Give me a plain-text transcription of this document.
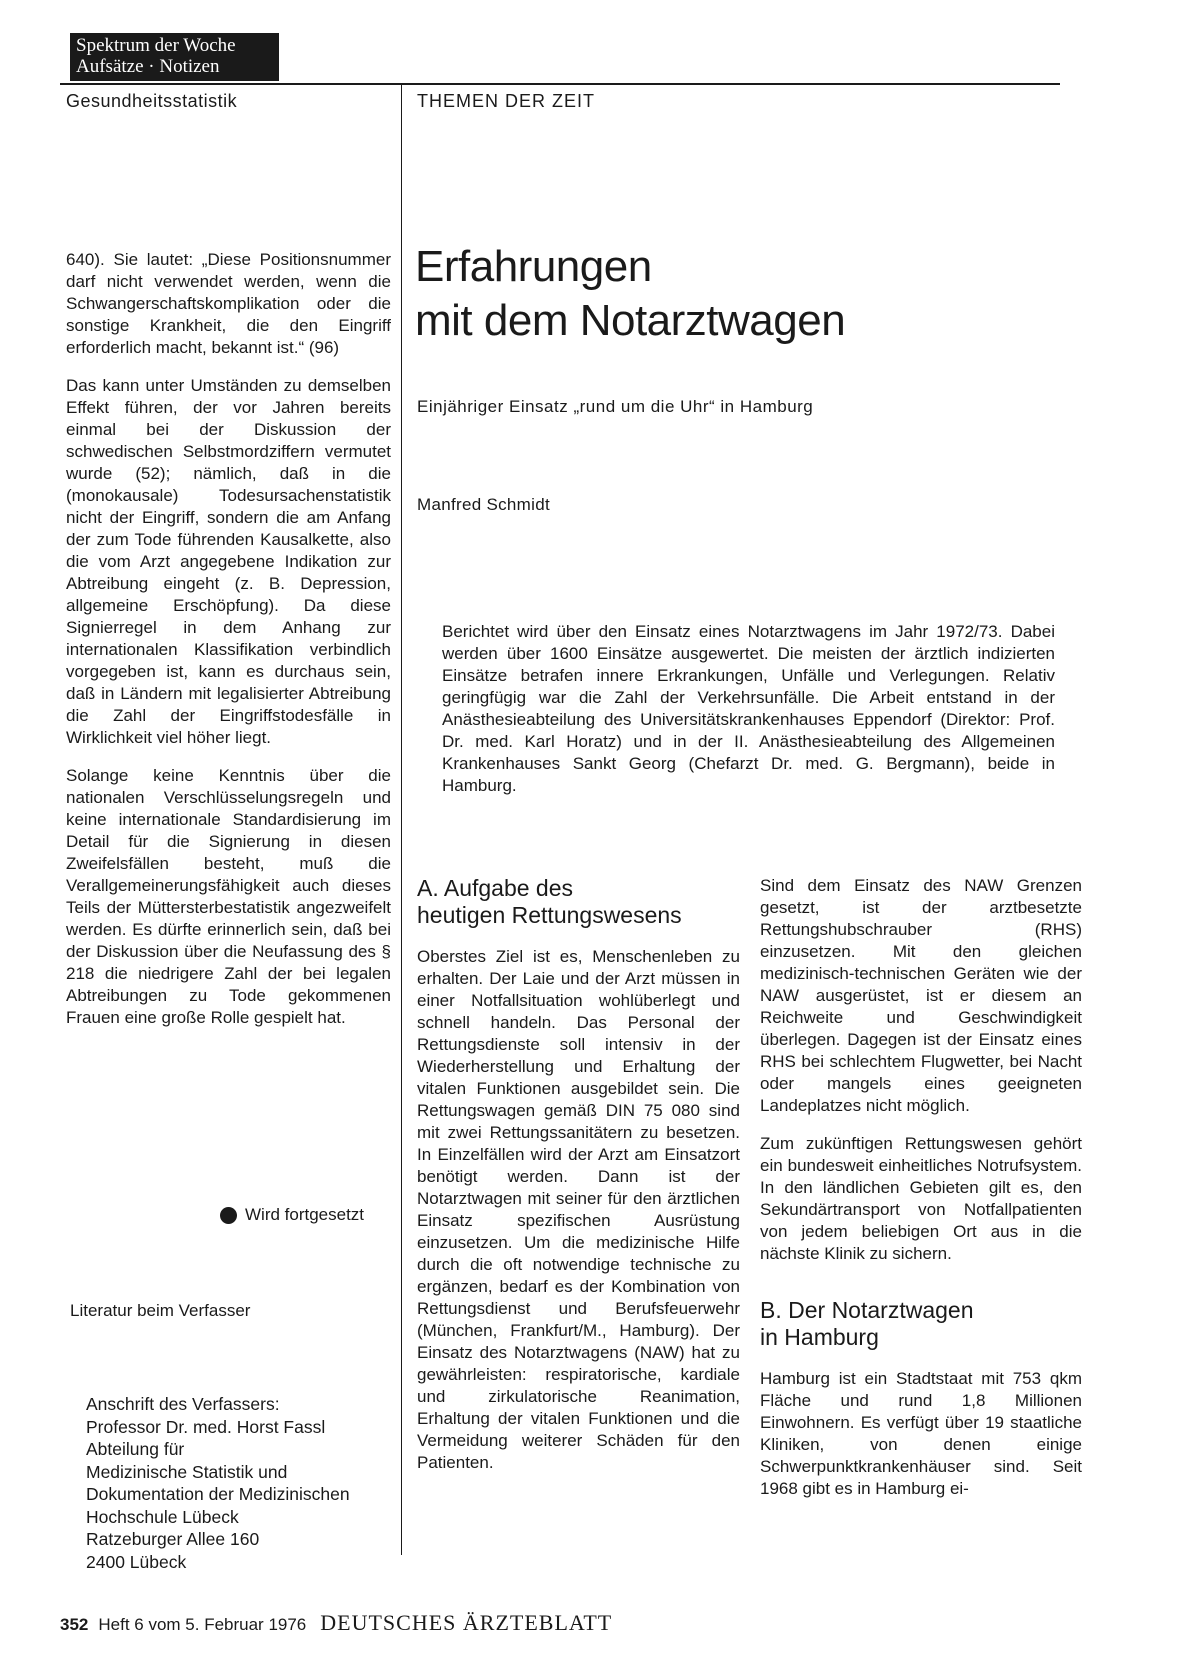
Spektrum der Woche
Aufsätze · Notizen
Gesundheitsstatistik	THEMEN DER ZEIT

640). Sie lautet: „Diese Positionsnummer darf nicht verwendet werden, wenn die Schwangerschaftskomplikation oder die sonstige Krankheit, die den Eingriff erforderlich macht, bekannt ist.“ (96)

Das kann unter Umständen zu demselben Effekt führen, der vor Jahren bereits einmal bei der Diskussion der schwedischen Selbstmordziffern vermutet wurde (52); nämlich, daß in die (monokausale) Todesursachenstatistik nicht der Eingriff, sondern die am Anfang der zum Tode führenden Kausalkette, also die vom Arzt angegebene Indikation zur Abtreibung eingeht (z. B. Depression, allgemeine Erschöpfung). Da diese Signierregel in dem Anhang zur internationalen Klassifikation verbindlich vorgegeben ist, kann es durchaus sein, daß in Ländern mit legalisierter Abtreibung die Zahl der Eingriffstodesfälle in Wirklichkeit viel höher liegt.

Solange keine Kenntnis über die nationalen Verschlüsselungsregeln und keine internationale Standardisierung im Detail für die Signierung in diesen Zweifelsfällen besteht, muß die Verallgemeinerungsfähigkeit auch dieses Teils der Müttersterbestatistik angezweifelt werden. Es dürfte erinnerlich sein, daß bei der Diskussion über die Neufassung des § 218 die niedrigere Zahl der bei legalen Abtreibungen zu Tode gekommenen Frauen eine große Rolle gespielt hat.

Wird fortgesetzt
Literatur beim Verfasser
Anschrift des Verfassers:
Professor Dr. med. Horst Fassl
Abteilung für
Medizinische Statistik und
Dokumentation der Medizinischen
Hochschule Lübeck
Ratzeburger Allee 160
2400 Lübeck
Erfahrungen
mit dem Notarztwagen
Einjähriger Einsatz „rund um die Uhr“ in Hamburg
Manfred Schmidt
Berichtet wird über den Einsatz eines Notarztwagens im Jahr 1972/73. Dabei werden über 1600 Einsätze ausgewertet. Die meisten der ärztlich indizierten Einsätze betrafen innere Erkrankungen, Unfälle und Verlegungen. Relativ geringfügig war die Zahl der Verkehrsunfälle. Die Arbeit entstand in der Anästhesieabteilung des Universitätskrankenhauses Eppendorf (Direktor: Prof. Dr. med. Karl Horatz) und in der II. Anästhesieabteilung des Allgemeinen Krankenhauses Sankt Georg (Chefarzt Dr. med. G. Bergmann), beide in Hamburg.
A. Aufgabe des
heutigen Rettungswesens

Oberstes Ziel ist es, Menschenleben zu erhalten. Der Laie und der Arzt müssen in einer Notfallsituation wohlüberlegt und schnell handeln. Das Personal der Rettungsdienste soll intensiv in der Wiederherstellung und Erhaltung der vitalen Funktionen ausgebildet sein. Die Rettungswagen gemäß DIN 75 080 sind mit zwei Rettungssanitätern zu besetzen. In Einzelfällen wird der Arzt am Einsatzort benötigt werden. Dann ist der Notarztwagen mit seiner für den ärztlichen Einsatz spezifischen Ausrüstung einzusetzen. Um die medizinische Hilfe durch die oft notwendige technische zu ergänzen, bedarf es der Kombination von Rettungsdienst und Berufsfeuerwehr (München, Frankfurt/M., Hamburg). Der Einsatz des Notarztwagens (NAW) hat zu gewährleisten: respiratorische, kardiale und zirkulatorische Reanimation, Erhaltung der vitalen Funktionen und die Vermeidung weiterer Schäden für den Patienten.

Sind dem Einsatz des NAW Grenzen gesetzt, ist der arztbesetzte Rettungshubschrauber (RHS) einzusetzen. Mit den gleichen medizinisch-technischen Geräten wie der NAW ausgerüstet, ist er diesem an Reichweite und Geschwindigkeit überlegen. Dagegen ist der Einsatz eines RHS bei schlechtem Flugwetter, bei Nacht oder mangels eines geeigneten Landeplatzes nicht möglich.

Zum zukünftigen Rettungswesen gehört ein bundesweit einheitliches Notrufsystem. In den ländlichen Gebieten gilt es, den Sekundärtransport von Notfallpatienten von jedem beliebigen Ort aus in die nächste Klinik zu sichern.

B. Der Notarztwagen
in Hamburg

Hamburg ist ein Stadtstaat mit 753 qkm Fläche und rund 1,8 Millionen Einwohnern. Es verfügt über 19 staatliche Kliniken, von denen einige Schwerpunktkrankenhäuser sind. Seit 1968 gibt es in Hamburg ei-

352 Heft 6 vom 5. Februar 1976 DEUTSCHES ÄRZTEBLATT
